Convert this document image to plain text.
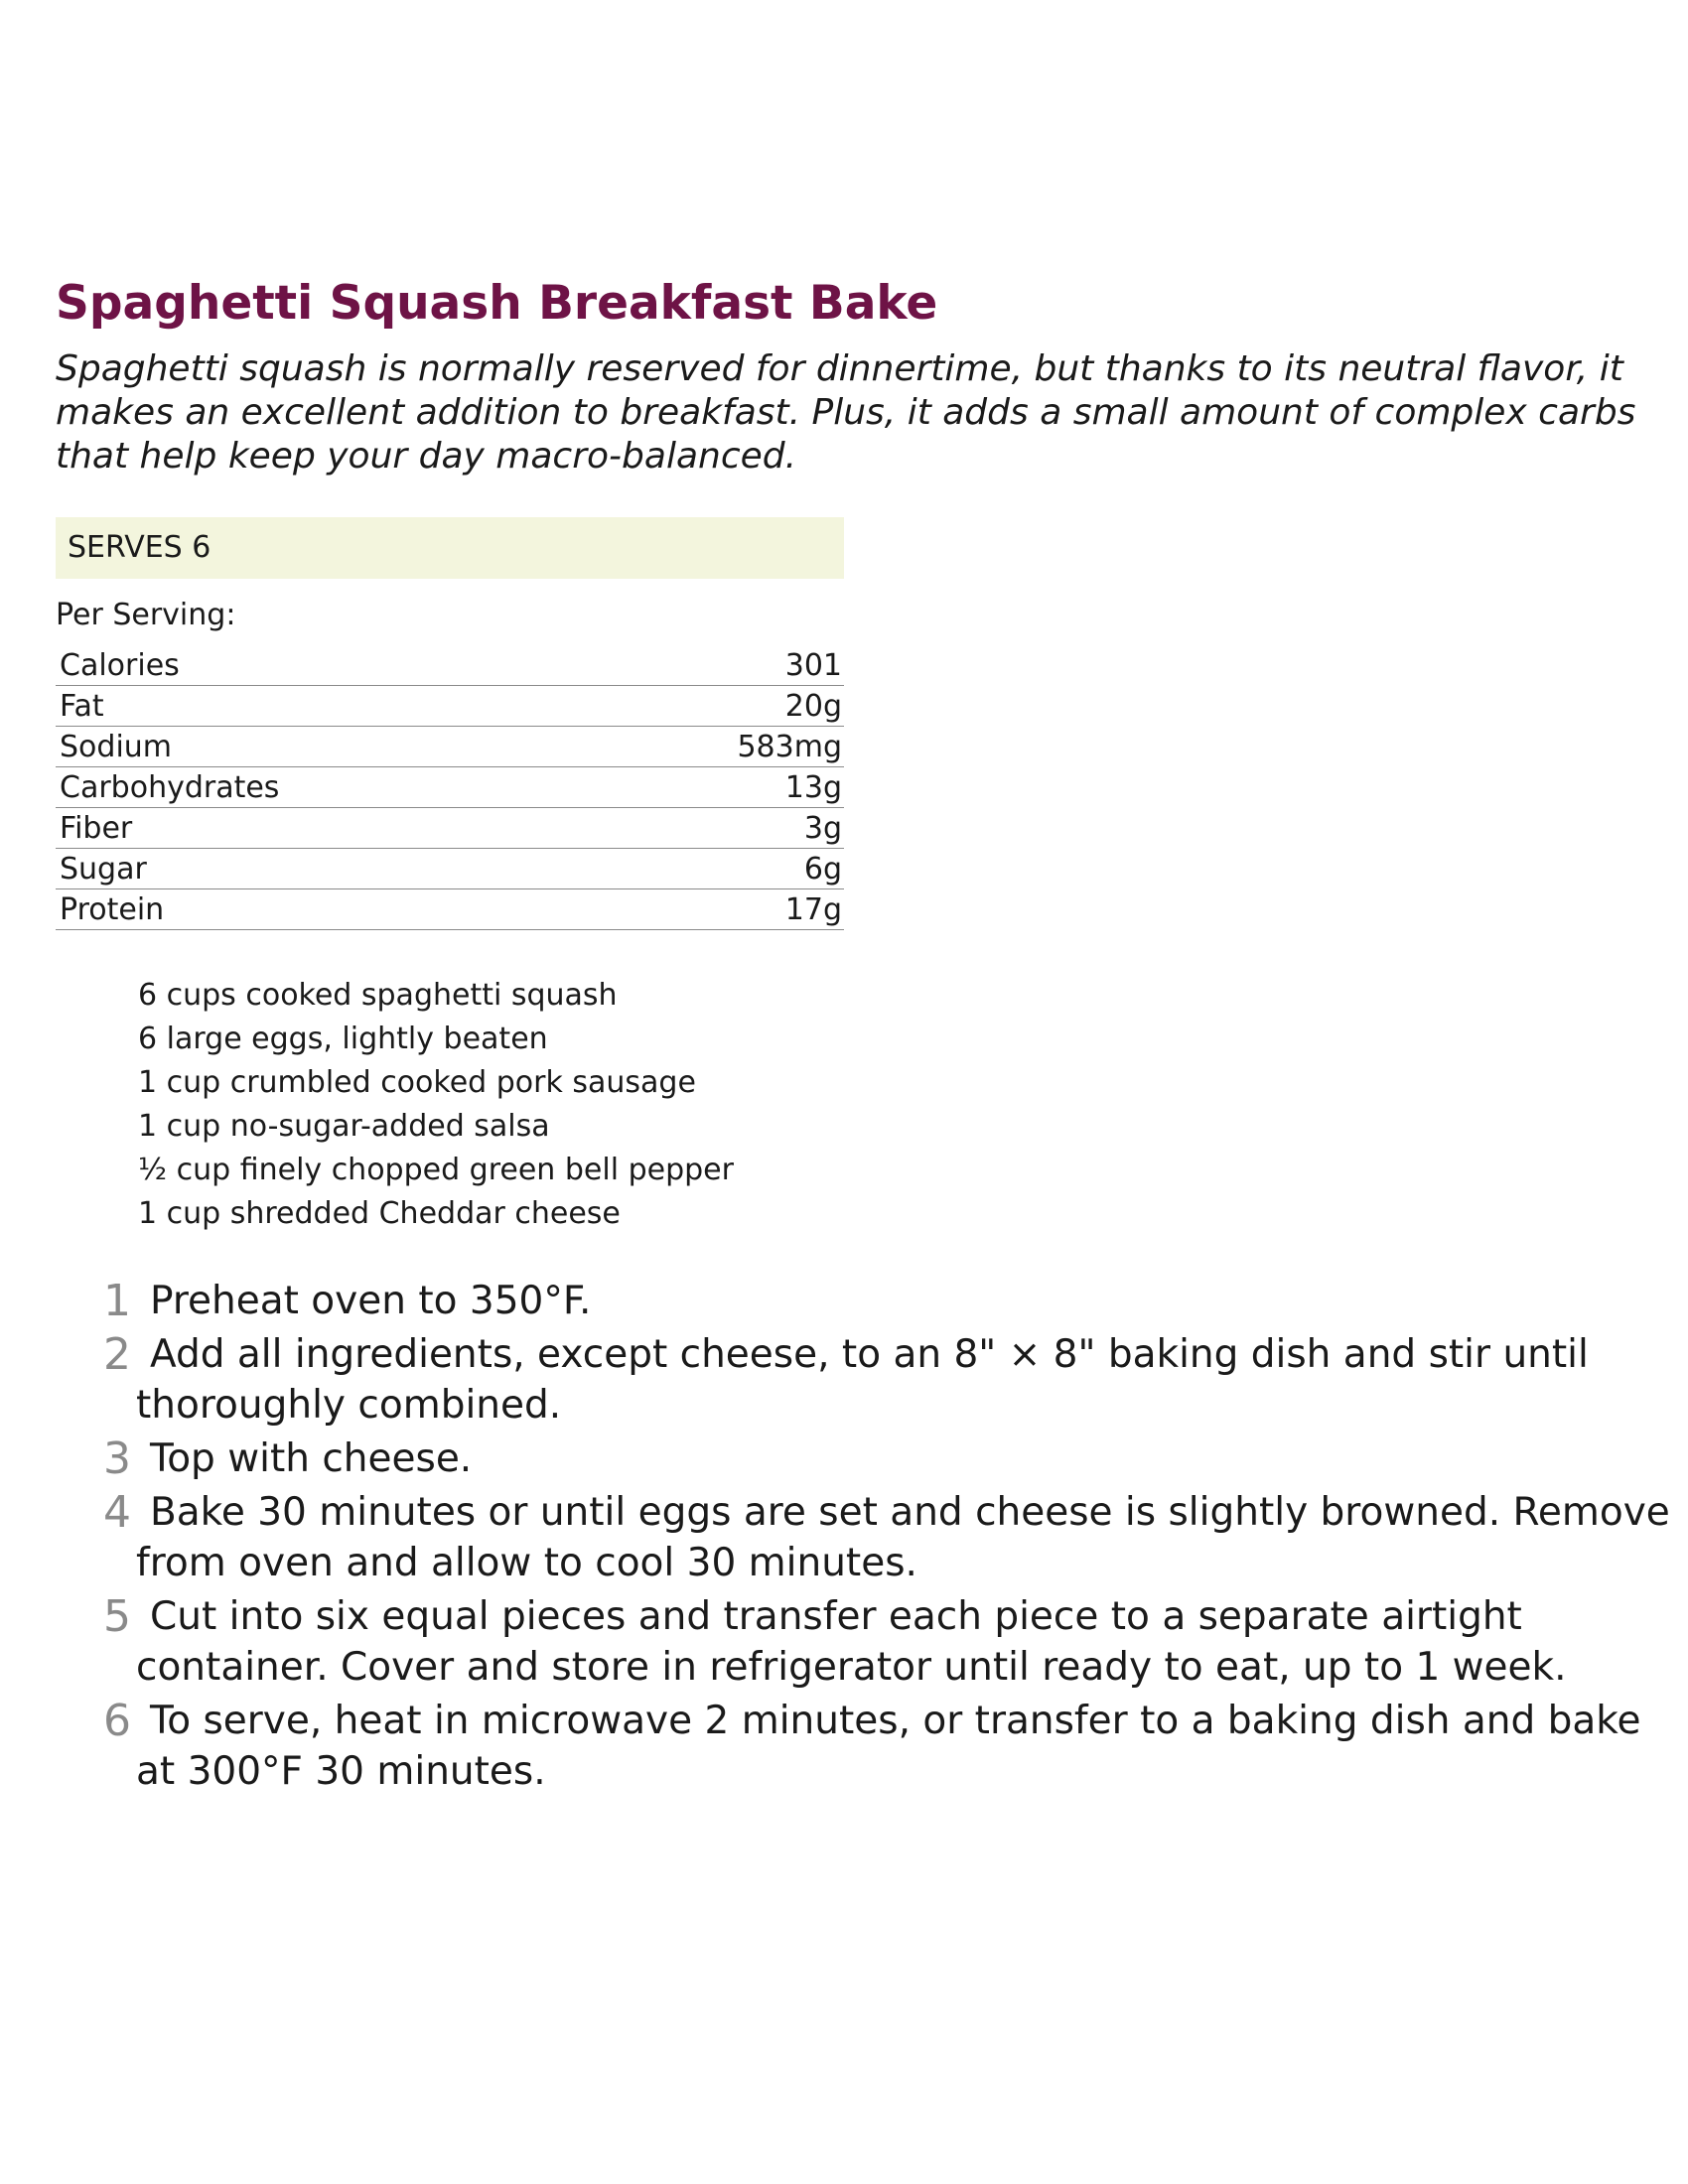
Spaghetti Squash Breakfast Bake

Spaghetti squash is normally reserved for dinnertime, but thanks to its neutral flavor, it makes an excellent addition to breakfast. Plus, it adds a small amount of complex carbs that help keep your day macro-balanced.

SERVES 6
Per Serving:
Calories	301
Fat	20g
Sodium	583mg
Carbohydrates	13g
Fiber	3g
Sugar	6g
Protein	17g
6 cups cooked spaghetti squash
6 large eggs, lightly beaten
1 cup crumbled cooked pork sausage
1 cup no-sugar-added salsa
½ cup finely chopped green bell pepper
1 cup shredded Cheddar cheese
1 Preheat oven to 350°F.
2 Add all ingredients, except cheese, to an 8" × 8" baking dish and stir until thoroughly combined.
3 Top with cheese.
4 Bake 30 minutes or until eggs are set and cheese is slightly browned. Remove from oven and allow to cool 30 minutes.
5 Cut into six equal pieces and transfer each piece to a separate airtight container. Cover and store in refrigerator until ready to eat, up to 1 week.
6 To serve, heat in microwave 2 minutes, or transfer to a baking dish and bake at 300°F 30 minutes.
